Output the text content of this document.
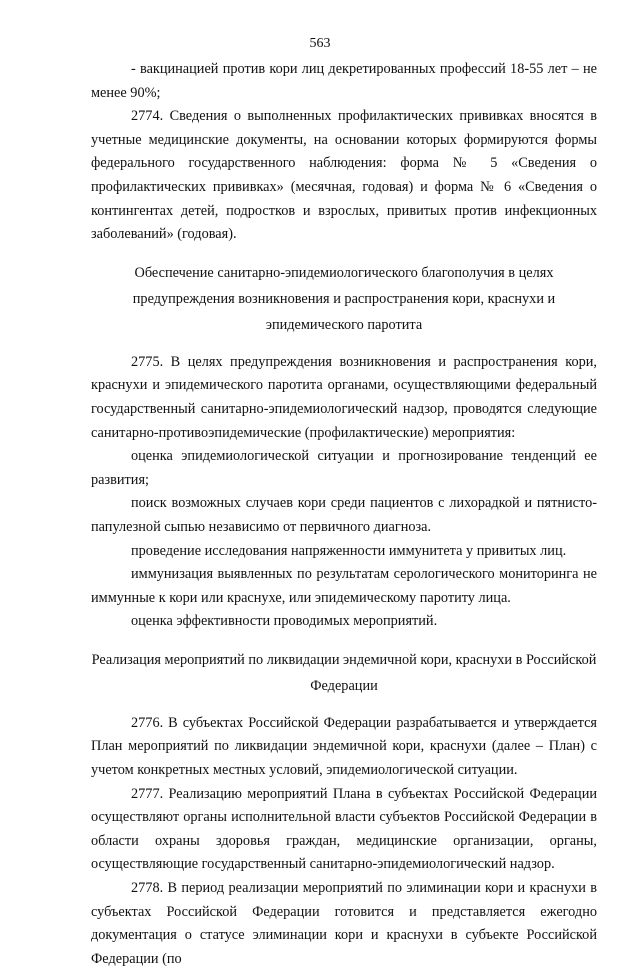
563

- вакцинацией против кори лиц декретированных профессий 18-55 лет – не менее 90%;

2774. Сведения о выполненных профилактических прививках вносятся в учетные медицинские документы, на основании которых формируются формы федерального государственного наблюдения: форма № 5 «Сведения о профилактических прививках» (месячная, годовая) и форма № 6 «Сведения о контингентах детей, подростков и взрослых, привитых против инфекционных заболеваний» (годовая).

Обеспечение санитарно-эпидемиологического благополучия в целях предупреждения возникновения и распространения кори, краснухи и эпидемического паротита

2775. В целях предупреждения возникновения и распространения кори, краснухи и эпидемического паротита органами, осуществляющими федеральный государственный санитарно-эпидемиологический надзор, проводятся следующие санитарно-противоэпидемические (профилактические) мероприятия:

оценка эпидемиологической ситуации и прогнозирование тенденций ее развития;

поиск возможных случаев кори среди пациентов с лихорадкой и пятнисто-папулезной сыпью независимо от первичного диагноза.

проведение исследования напряженности иммунитета у привитых лиц.

иммунизация выявленных по результатам серологического мониторинга не иммунные к кори или краснухе, или эпидемическому паротиту лица.

оценка эффективности проводимых мероприятий.

Реализация мероприятий по ликвидации эндемичной кори, краснухи в Российской Федерации

2776. В субъектах Российской Федерации разрабатывается и утверждается План мероприятий по ликвидации эндемичной кори, краснухи (далее – План) с учетом конкретных местных условий, эпидемиологической ситуации.

2777. Реализацию мероприятий Плана в субъектах Российской Федерации осуществляют органы исполнительной власти субъектов Российской Федерации в области охраны здоровья граждан, медицинские организации, органы, осуществляющие государственный санитарно-эпидемиологический надзор.

2778. В период реализации мероприятий по элиминации кори и краснухи в субъектах Российской Федерации готовится и представляется ежегодно документация о статусе элиминации кори и краснухи в субъекте Российской Федерации (по
